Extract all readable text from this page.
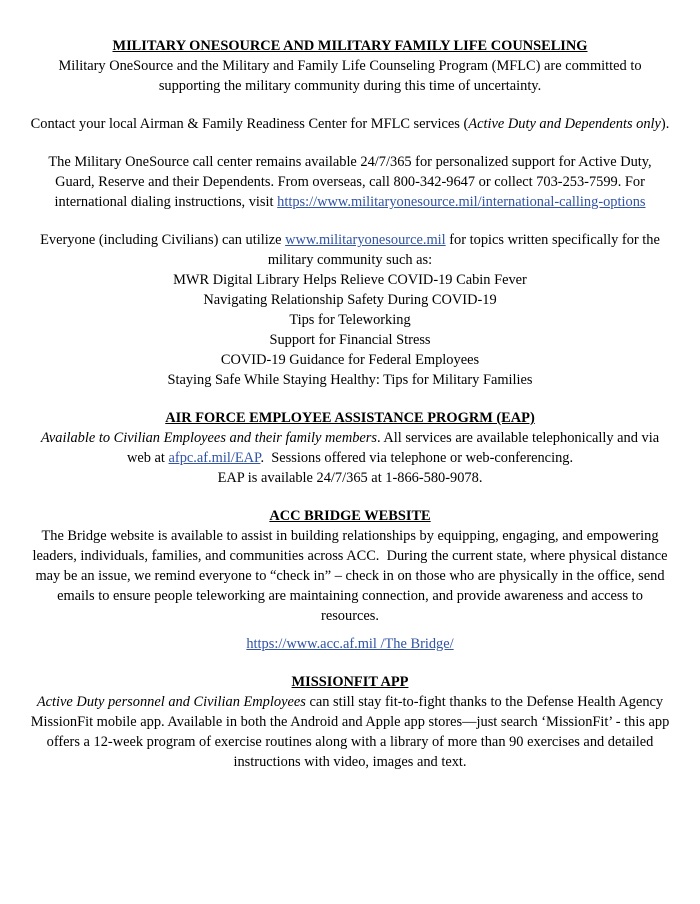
MILITARY ONESOURCE AND MILITARY FAMILY LIFE COUNSELING

Military OneSource and the Military and Family Life Counseling Program (MFLC) are committed to supporting the military community during this time of uncertainty.

Contact your local Airman & Family Readiness Center for MFLC services (Active Duty and Dependents only).

The Military OneSource call center remains available 24/7/365 for personalized support for Active Duty, Guard, Reserve and their Dependents. From overseas, call 800-342-9647 or collect 703-253-7599. For international dialing instructions, visit https://www.militaryonesource.mil/international-calling-options

Everyone (including Civilians) can utilize www.militaryonesource.mil for topics written specifically for the military community such as:

MWR Digital Library Helps Relieve COVID-19 Cabin Fever
Navigating Relationship Safety During COVID-19
Tips for Teleworking
Support for Financial Stress
COVID-19 Guidance for Federal Employees
Staying Safe While Staying Healthy: Tips for Military Families
AIR FORCE EMPLOYEE ASSISTANCE PROGRM (EAP)

Available to Civilian Employees and their family members. All services are available telephonically and via web at afpc.af.mil/EAP.  Sessions offered via telephone or web-conferencing.

EAP is available 24/7/365 at 1-866-580-9078.

ACC BRIDGE WEBSITE

The Bridge website is available to assist in building relationships by equipping, engaging, and empowering leaders, individuals, families, and communities across ACC.  During the current state, where physical distance may be an issue, we remind everyone to “check in” – check in on those who are physically in the office, send emails to ensure people teleworking are maintaining connection, and provide awareness and access to resources.

https://www.acc.af.mil /The Bridge/

MISSIONFIT APP

Active Duty personnel and Civilian Employees can still stay fit-to-fight thanks to the Defense Health Agency MissionFit mobile app. Available in both the Android and Apple app stores—just search ‘MissionFit’ - this app offers a 12-week program of exercise routines along with a library of more than 90 exercises and detailed instructions with video, images and text.
